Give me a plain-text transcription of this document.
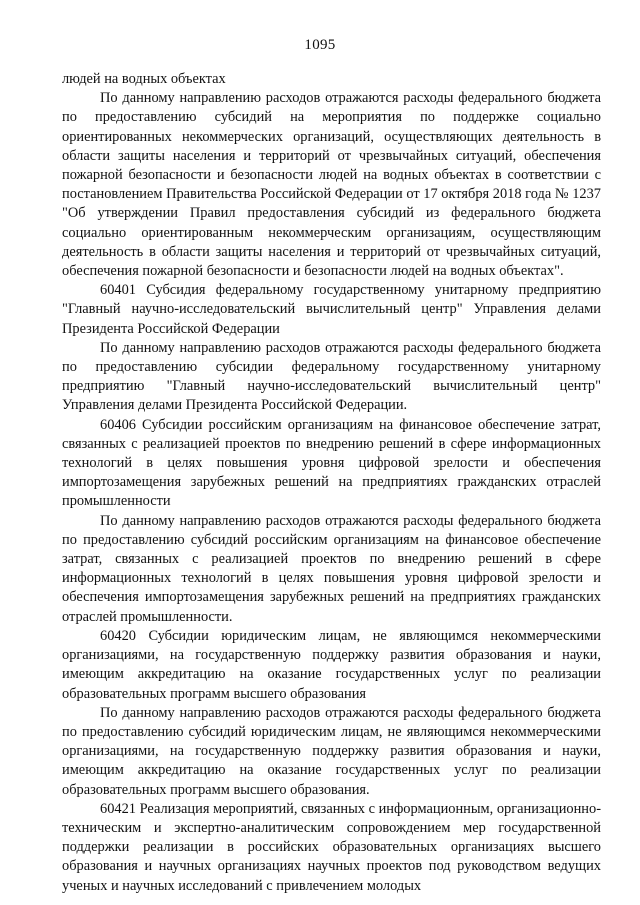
1095

людей на водных объектах

По данному направлению расходов отражаются расходы федерального бюджета по предоставлению субсидий на мероприятия по поддержке социально ориентированных некоммерческих организаций, осуществляющих деятельность в области защиты населения и территорий от чрезвычайных ситуаций, обеспечения пожарной безопасности и безопасности людей на водных объектах в соответствии с постановлением Правительства Российской Федерации от 17 октября 2018 года № 1237 "Об утверждении Правил предоставления субсидий из федерального бюджета социально ориентированным некоммерческим организациям, осуществляющим деятельность в области защиты населения и территорий от чрезвычайных ситуаций, обеспечения пожарной безопасности и безопасности людей на водных объектах".

60401 Субсидия федеральному государственному унитарному предприятию "Главный научно-исследовательский вычислительный центр" Управления делами Президента Российской Федерации

По данному направлению расходов отражаются расходы федерального бюджета по предоставлению субсидии федеральному государственному унитарному предприятию "Главный научно-исследовательский вычислительный центр" Управления делами Президента Российской Федерации.

60406 Субсидии российским организациям на финансовое обеспечение затрат, связанных с реализацией проектов по внедрению решений в сфере информационных технологий в целях повышения уровня цифровой зрелости и обеспечения импортозамещения зарубежных решений на предприятиях гражданских отраслей промышленности

По данному направлению расходов отражаются расходы федерального бюджета по предоставлению субсидий российским организациям на финансовое обеспечение затрат, связанных с реализацией проектов по внедрению решений в сфере информационных технологий в целях повышения уровня цифровой зрелости и обеспечения импортозамещения зарубежных решений на предприятиях гражданских отраслей промышленности.

60420 Субсидии юридическим лицам, не являющимся некоммерческими организациями, на государственную поддержку развития образования и науки, имеющим аккредитацию на оказание государственных услуг по реализации образовательных программ высшего образования

По данному направлению расходов отражаются расходы федерального бюджета по предоставлению субсидий юридическим лицам, не являющимся некоммерческими организациями, на государственную поддержку развития образования и науки, имеющим аккредитацию на оказание государственных услуг по реализации образовательных программ высшего образования.

60421 Реализация мероприятий, связанных с информационным, организационно-техническим и экспертно-аналитическим сопровождением мер государственной поддержки реализации в российских образовательных организациях высшего образования и научных организациях научных проектов под руководством ведущих ученых и научных исследований с привлечением молодых
